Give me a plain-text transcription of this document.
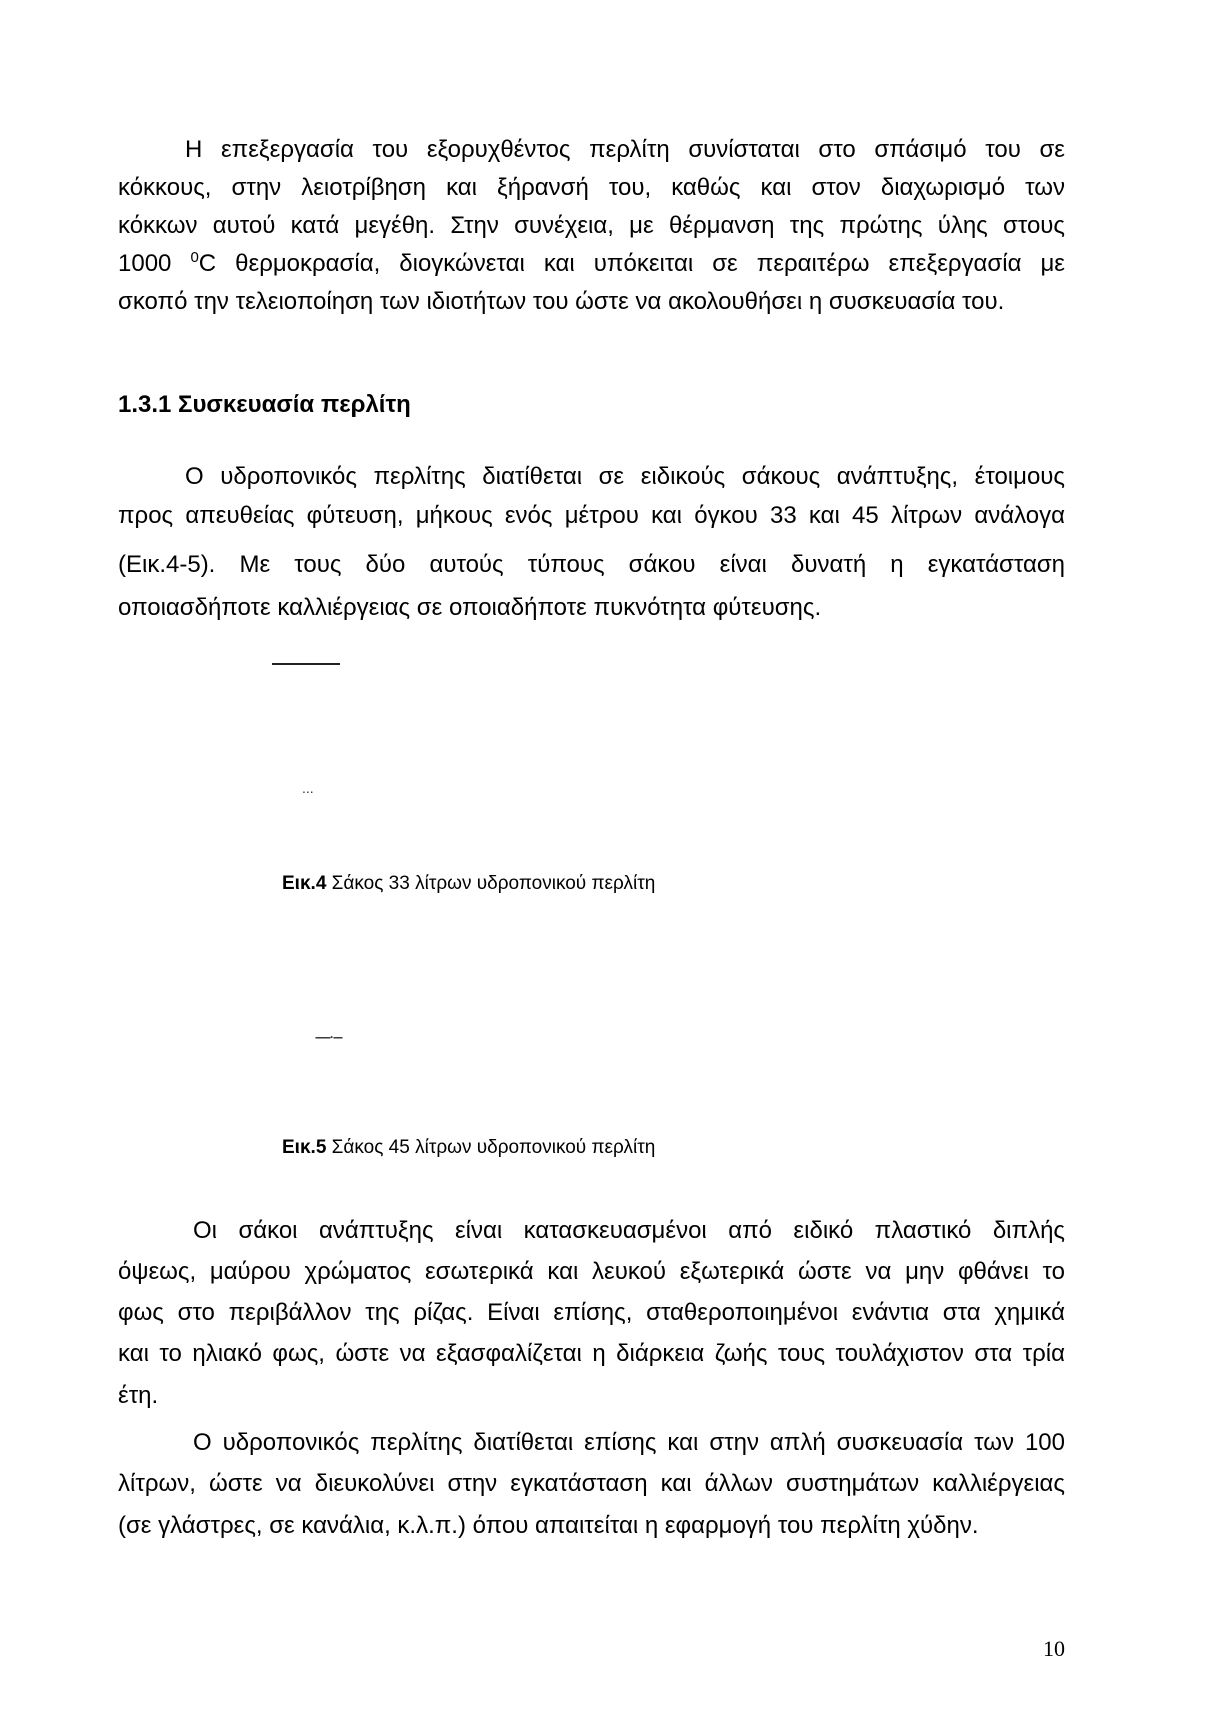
Η επεξεργασία του εξορυχθέντος περλίτη συνίσταται στο σπάσιμό του σε

κόκκους, στην λειοτρίβηση και ξήρανσή του, καθώς και στον διαχωρισμό των

κόκκων αυτού κατά μεγέθη. Στην συνέχεια, με θέρμανση της πρώτης ύλης στους

1000 $^0$C θερμοκρασία, διογκώνεται και υπόκειται σε περαιτέρω επεξεργασία με

σκοπό την τελειοποίηση των ιδιοτήτων του ώστε να ακολουθήσει η συσκευασία του.

1.3.1 Συσκευασία περλίτη

Ο υδροπονικός περλίτης διατίθεται σε ειδικούς σάκους ανάπτυξης, έτοιμους

προς απευθείας φύτευση, μήκους ενός μέτρου και όγκου 33 και 45 λίτρων ανάλογα

(Εικ.4-5). Με τους δύο αυτούς τύπους σάκου είναι δυνατή η εγκατάσταση

οποιασδήποτε καλλιέργειας σε οποιαδήποτε πυκνότητα φύτευσης.

...

Εικ.4 Σάκος 33 λίτρων υδροπονικού περλίτη

-----·---

Εικ.5 Σάκος 45 λίτρων υδροπονικού περλίτη

Οι σάκοι ανάπτυξης είναι κατασκευασμένοι από ειδικό πλαστικό διπλής

όψεως, μαύρου χρώματος εσωτερικά και λευκού εξωτερικά ώστε να μην φθάνει το

φως στο περιβάλλον της ρίζας. Είναι επίσης, σταθεροποιημένοι ενάντια στα χημικά

και το ηλιακό φως, ώστε να εξασφαλίζεται η διάρκεια ζωής τους τουλάχιστον στα τρία

έτη.

Ο υδροπονικός περλίτης διατίθεται επίσης και στην απλή συσκευασία των 100

λίτρων, ώστε να διευκολύνει στην εγκατάσταση και άλλων συστημάτων καλλιέργειας

(σε γλάστρες, σε κανάλια, κ.λ.π.) όπου απαιτείται η εφαρμογή του περλίτη χύδην.

10
